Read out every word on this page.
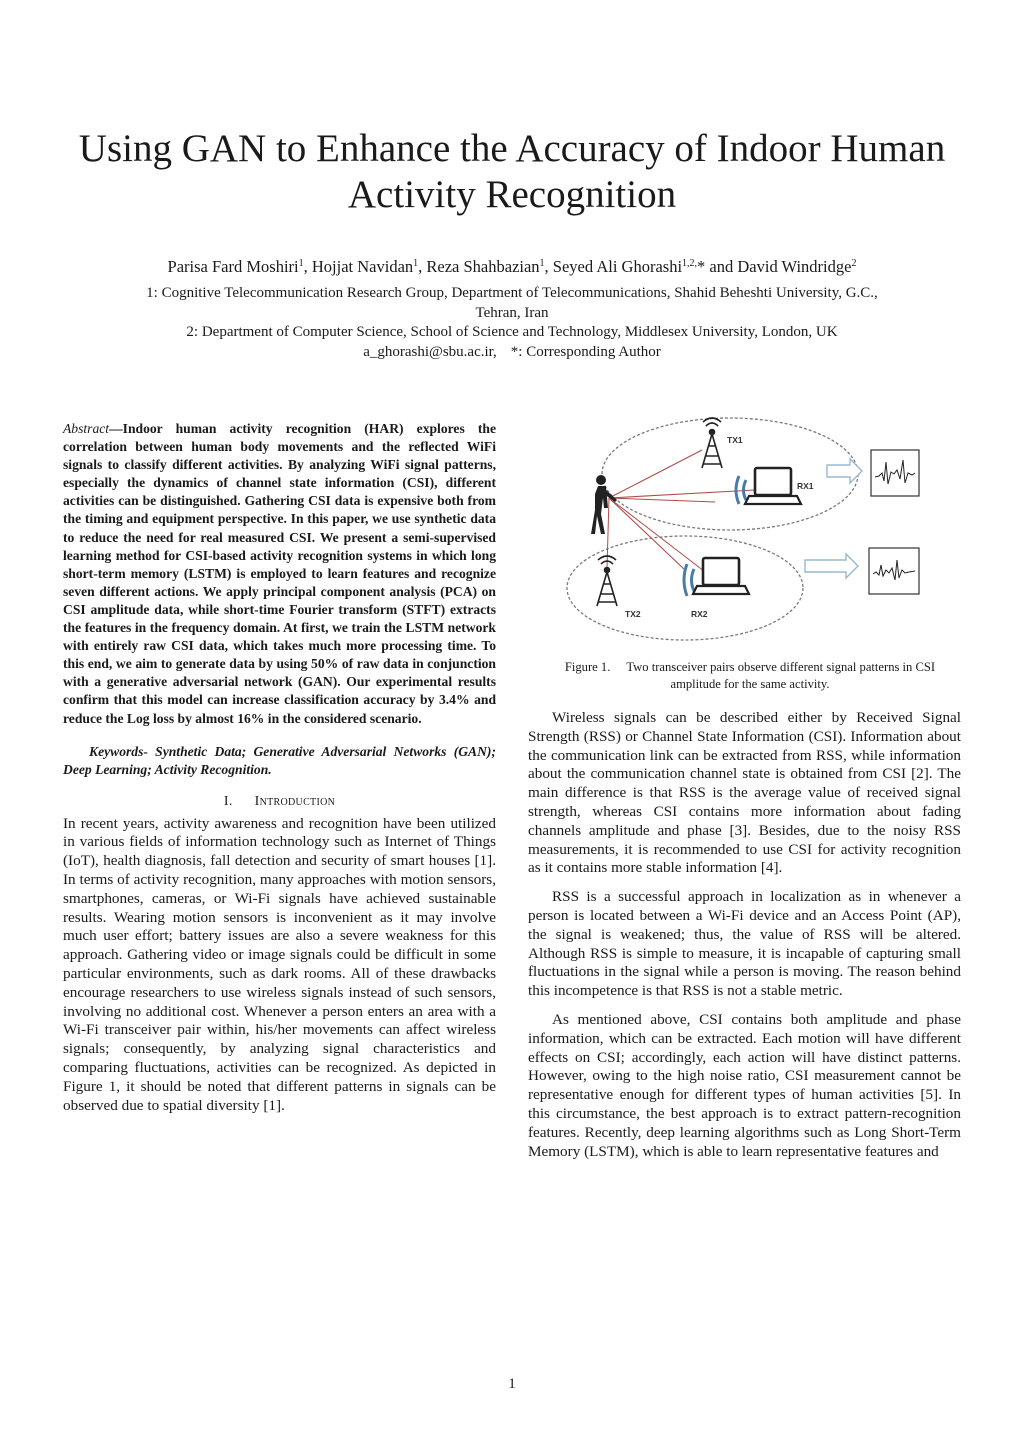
Using GAN to Enhance the Accuracy of Indoor Human Activity Recognition
Parisa Fard Moshiri$^1$, Hojjat Navidan$^1$, Reza Shahbazian$^1$, Seyed Ali Ghorashi$^{1,2,}$* and David Windridge$^2$
1: Cognitive Telecommunication Research Group, Department of Telecommunications, Shahid Beheshti University, G.C.,
Tehran, Iran
2: Department of Computer Science, School of Science and Technology, Middlesex University, London, UK
a_ghorashi@sbu.ac.ir, *: Corresponding Author

Abstract—Indoor human activity recognition (HAR) explores the correlation between human body movements and the reflected WiFi signals to classify different activities. By analyzing WiFi signal patterns, especially the dynamics of channel state information (CSI), different activities can be distinguished. Gathering CSI data is expensive both from the timing and equipment perspective. In this paper, we use synthetic data to reduce the need for real measured CSI. We present a semi-supervised learning method for CSI-based activity recognition systems in which long short-term memory (LSTM) is employed to learn features and recognize seven different actions. We apply principal component analysis (PCA) on CSI amplitude data, while short-time Fourier transform (STFT) extracts the features in the frequency domain. At first, we train the LSTM network with entirely raw CSI data, which takes much more processing time. To this end, we aim to generate data by using 50% of raw data in conjunction with a generative adversarial network (GAN). Our experimental results confirm that this model can increase classification accuracy by 3.4% and reduce the Log loss by almost 16% in the considered scenario.

Keywords- Synthetic Data; Generative Adversarial Networks (GAN); Deep Learning; Activity Recognition.

I. Introduction

In recent years, activity awareness and recognition have been utilized in various fields of information technology such as Internet of Things (IoT), health diagnosis, fall detection and security of smart houses [1]. In terms of activity recognition, many approaches with motion sensors, smartphones, cameras, or Wi-Fi signals have achieved sustainable results. Wearing motion sensors is inconvenient as it may involve much user effort; battery issues are also a severe weakness for this approach. Gathering video or image signals could be difficult in some particular environments, such as dark rooms. All of these drawbacks encourage researchers to use wireless signals instead of such sensors, involving no additional cost. Whenever a person enters an area with a Wi-Fi transceiver pair within, his/her movements can affect wireless signals; consequently, by analyzing signal characteristics and comparing fluctuations, activities can be recognized. As depicted in Figure 1, it should be noted that different patterns in signals can be observed due to spatial diversity [1].

TX1
RX1
TX2	RX2
Figure 1. Two transceiver pairs observe different signal patterns in CSI amplitude for the same activity.

Wireless signals can be described either by Received Signal Strength (RSS) or Channel State Information (CSI). Information about the communication link can be extracted from RSS, while information about the communication channel state is obtained from CSI [2]. The main difference is that RSS is the average value of received signal strength, whereas CSI contains more information about fading channels amplitude and phase [3]. Besides, due to the noisy RSS measurements, it is recommended to use CSI for activity recognition as it contains more stable information [4].

RSS is a successful approach in localization as in whenever a person is located between a Wi-Fi device and an Access Point (AP), the signal is weakened; thus, the value of RSS will be altered. Although RSS is simple to measure, it is incapable of capturing small fluctuations in the signal while a person is moving. The reason behind this incompetence is that RSS is not a stable metric.

As mentioned above, CSI contains both amplitude and phase information, which can be extracted. Each motion will have different effects on CSI; accordingly, each action will have distinct patterns. However, owing to the high noise ratio, CSI measurement cannot be representative enough for different types of human activities [5]. In this circumstance, the best approach is to extract pattern-recognition features. Recently, deep learning algorithms such as Long Short-Term Memory (LSTM), which is able to learn representative features and

1
